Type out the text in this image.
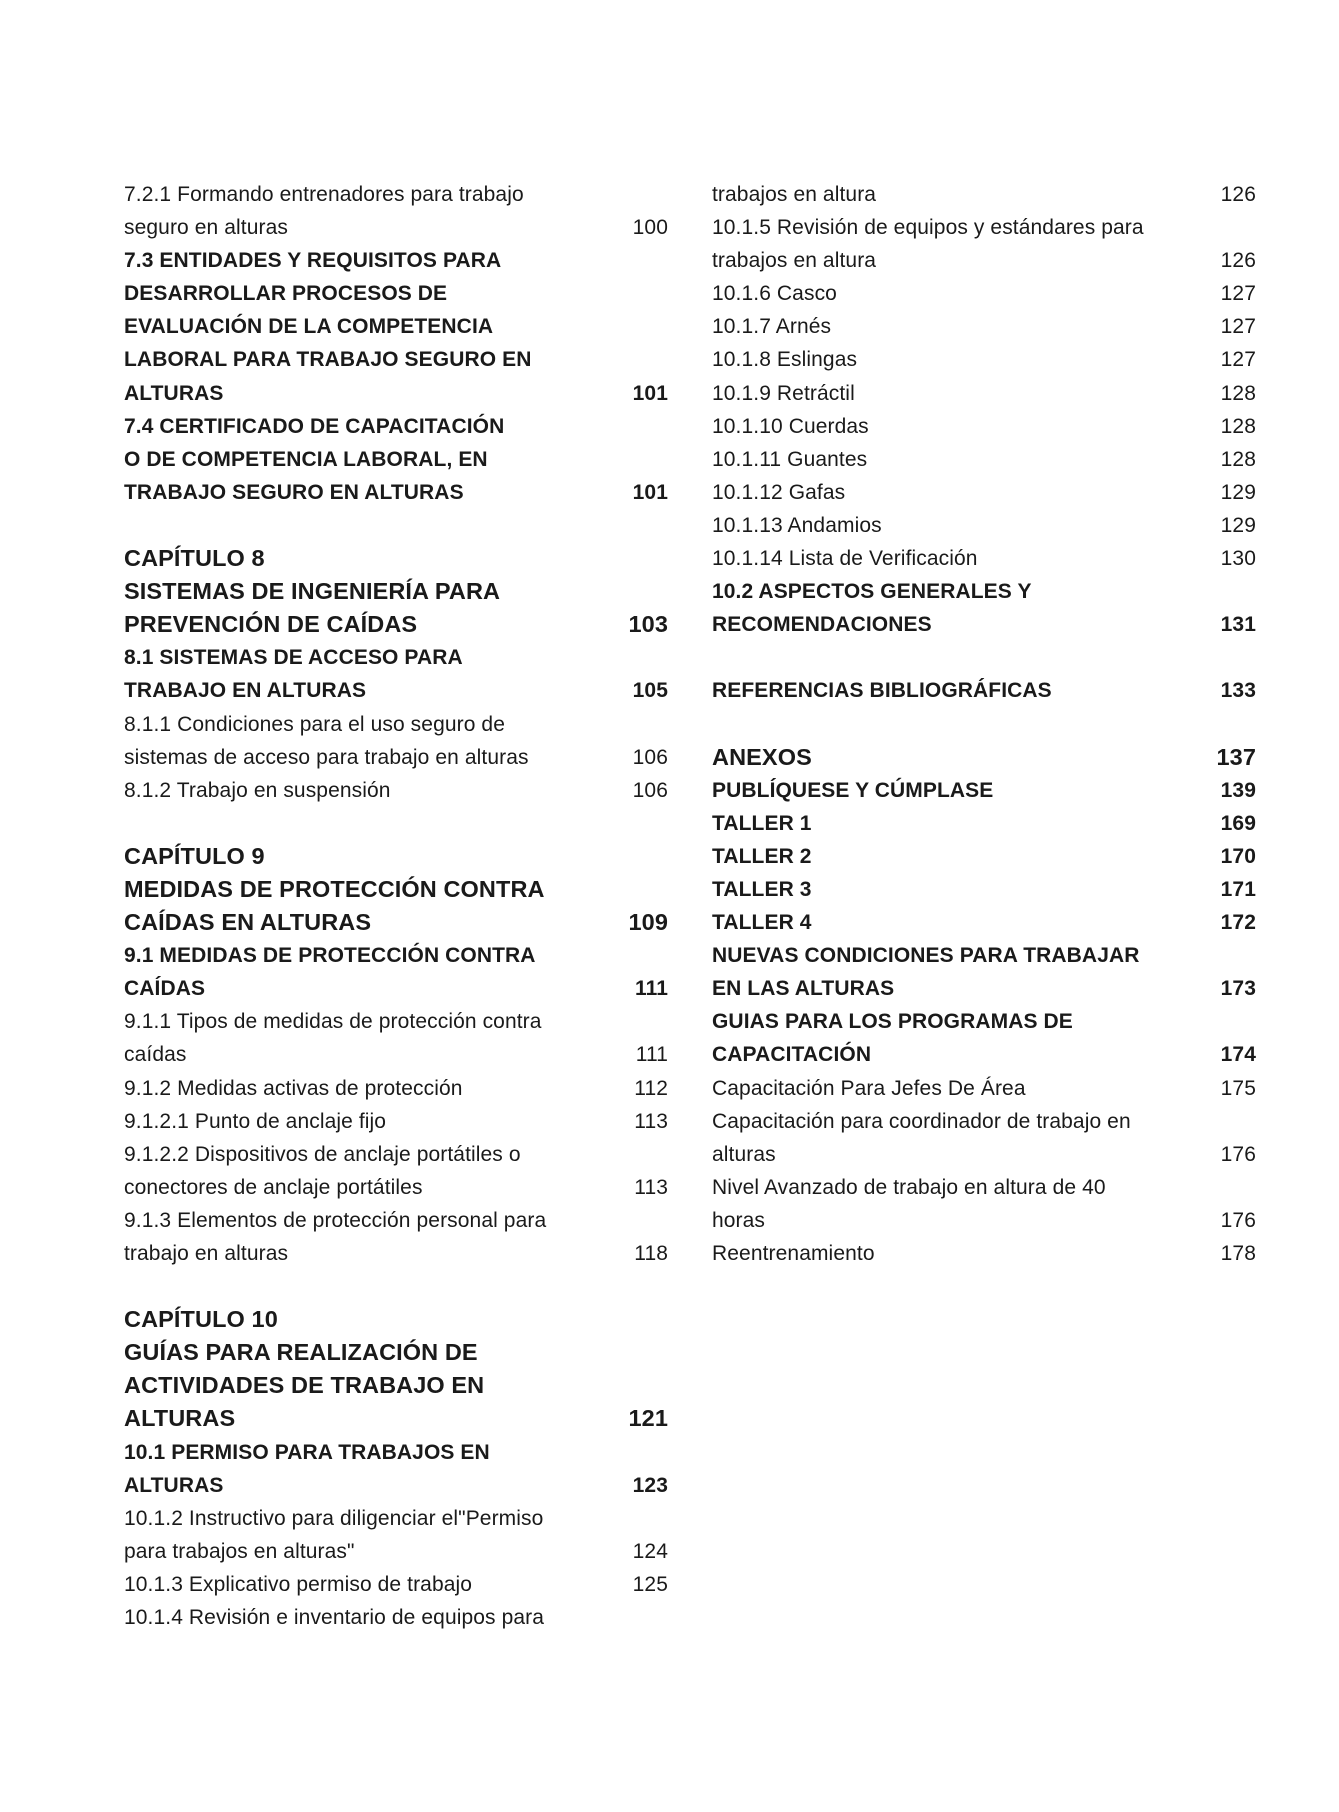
7.2.1 Formando entrenadores para trabajo
seguro en alturas	100
7.3 ENTIDADES Y REQUISITOS PARA
DESARROLLAR PROCESOS DE
EVALUACIÓN DE LA COMPETENCIA
LABORAL PARA TRABAJO SEGURO EN
ALTURAS	101
7.4 CERTIFICADO DE CAPACITACIÓN
O DE COMPETENCIA LABORAL, EN
TRABAJO SEGURO EN ALTURAS	101
CAPÍTULO 8
SISTEMAS DE INGENIERÍA PARA
PREVENCIÓN DE CAÍDAS	103
8.1 SISTEMAS DE ACCESO PARA
TRABAJO EN ALTURAS	105
8.1.1 Condiciones para el uso seguro de
sistemas de acceso para trabajo en alturas	106
8.1.2 Trabajo en suspensión	106
CAPÍTULO 9
MEDIDAS DE PROTECCIÓN CONTRA
CAÍDAS EN ALTURAS	109
9.1 MEDIDAS DE PROTECCIÓN CONTRA
CAÍDAS	111
9.1.1 Tipos de medidas de protección contra
caídas	111
9.1.2 Medidas activas de protección	112
9.1.2.1 Punto de anclaje fijo	113
9.1.2.2 Dispositivos de anclaje portátiles o
conectores de anclaje portátiles	113
9.1.3 Elementos de protección personal para
trabajo en alturas	118
CAPÍTULO 10
GUÍAS PARA REALIZACIÓN DE
ACTIVIDADES DE TRABAJO EN
ALTURAS	121
10.1 PERMISO PARA TRABAJOS EN
ALTURAS	123
10.1.2 Instructivo para diligenciar el"Permiso
para trabajos en alturas"	124
10.1.3 Explicativo permiso de trabajo	125
10.1.4 Revisión e inventario de equipos para
trabajos en altura	126
10.1.5 Revisión de equipos y estándares para
trabajos en altura	126
10.1.6 Casco	127
10.1.7 Arnés	127
10.1.8 Eslingas	127
10.1.9 Retráctil	128
10.1.10 Cuerdas	128
10.1.11 Guantes	128
10.1.12 Gafas	129
10.1.13 Andamios	129
10.1.14 Lista de Verificación	130
10.2 ASPECTOS GENERALES Y
RECOMENDACIONES	131
REFERENCIAS BIBLIOGRÁFICAS	133
ANEXOS	137
PUBLÍQUESE Y CÚMPLASE	139
TALLER 1	169
TALLER 2	170
TALLER 3	171
TALLER 4	172
NUEVAS CONDICIONES PARA TRABAJAR
EN LAS ALTURAS	173
GUIAS PARA LOS PROGRAMAS DE
CAPACITACIÓN	174
Capacitación Para Jefes De Área	175
Capacitación para coordinador de trabajo en
alturas	176
Nivel Avanzado de trabajo en altura de 40
horas	176
Reentrenamiento	178
